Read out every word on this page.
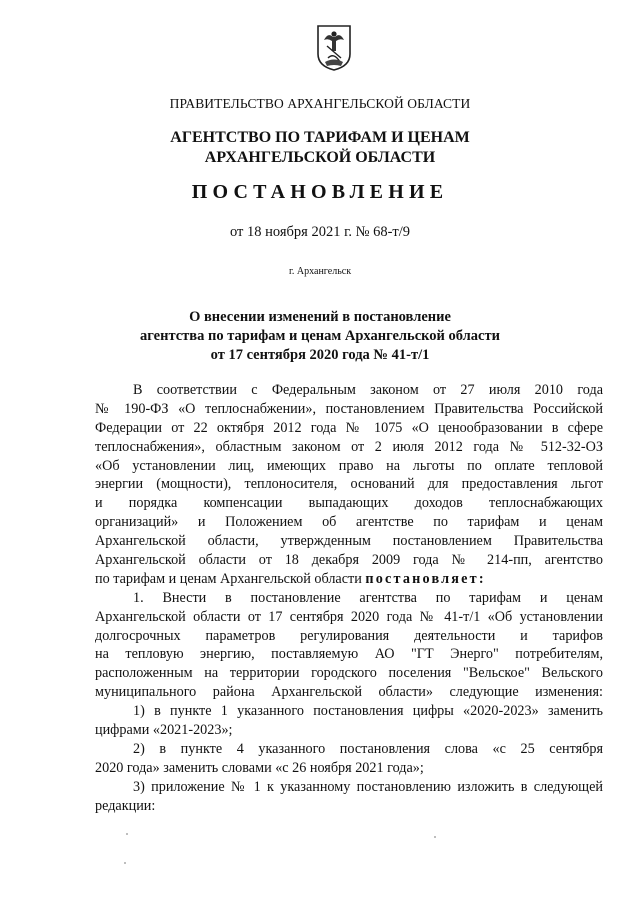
ПРАВИТЕЛЬСТВО АРХАНГЕЛЬСКОЙ ОБЛАСТИ
АГЕНТСТВО ПО ТАРИФАМ И ЦЕНАМ
АРХАНГЕЛЬСКОЙ ОБЛАСТИ
ПОСТАНОВЛЕНИЕ
от 18 ноября 2021 г. № 68-т/9
г. Архангельск
О внесении изменений в постановление
агентства по тарифам и ценам Архангельской области
от 17 сентября 2020 года № 41-т/1
В соответствии с Федеральным законом от 27 июля 2010 года
№ 190-ФЗ «О теплоснабжении», постановлением Правительства Российской
Федерации от 22 октября 2012 года № 1075 «О ценообразовании в сфере
теплоснабжения», областным законом от 2 июля 2012 года № 512-32-ОЗ
«Об установлении лиц, имеющих право на льготы по оплате тепловой
энергии (мощности), теплоносителя, оснований для предоставления льгот
и порядка компенсации выпадающих доходов теплоснабжающих
организаций» и Положением об агентстве по тарифам и ценам
Архангельской области, утвержденным постановлением Правительства
Архангельской области от 18 декабря 2009 года № 214-пп, агентство
по тарифам и ценам Архангельской области постановляет:
1. Внести в постановление агентства по тарифам и ценам
Архангельской области от 17 сентября 2020 года № 41-т/1 «Об установлении
долгосрочных параметров регулирования деятельности и тарифов
на тепловую энергию, поставляемую АО "ГТ Энерго" потребителям,
расположенным на территории городского поселения "Вельское" Вельского
муниципального района Архангельской области» следующие изменения:
1) в пункте 1 указанного постановления цифры «2020-2023» заменить
цифрами «2021-2023»;
2) в пункте 4 указанного постановления слова «с 25 сентября
2020 года» заменить словами «с 26 ноября 2021 года»;
3) приложение № 1 к указанному постановлению изложить в следующей
редакции:
